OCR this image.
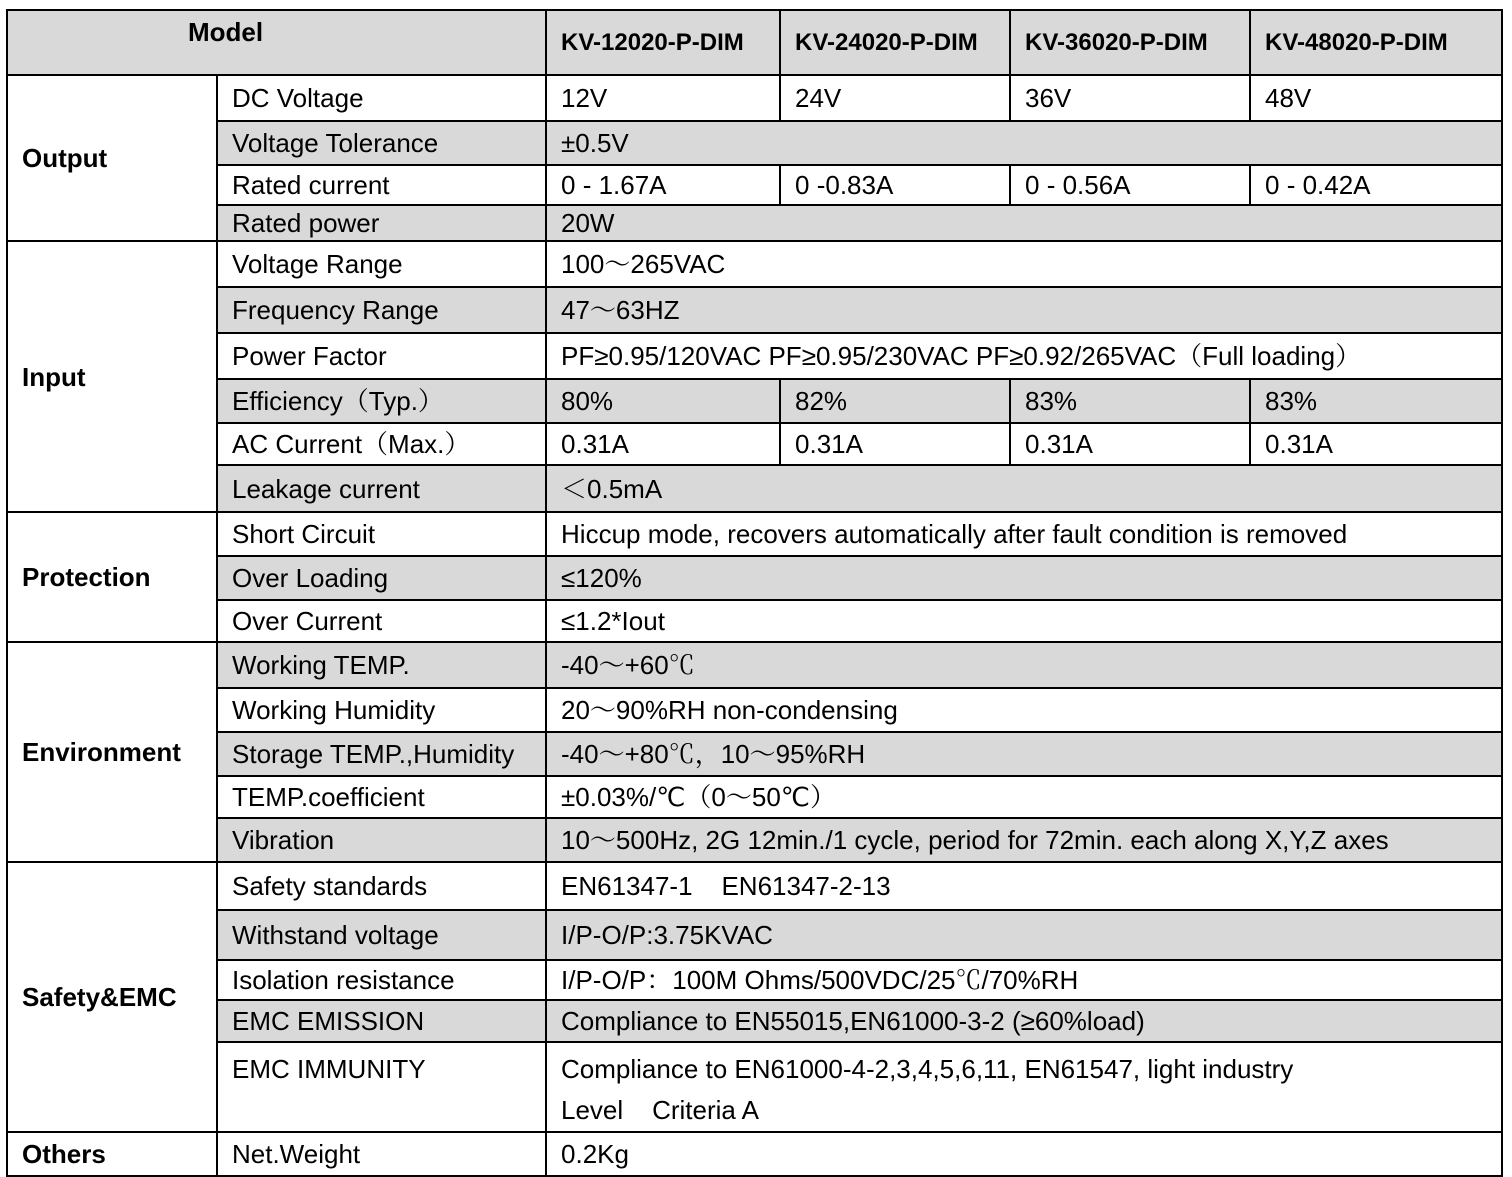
Model		KV-12020-P-DIM	KV-24020-P-DIM	KV-36020-P-DIM	KV-48020-P-DIM
Output	DC Voltage	12V	24V	36V	48V
	Voltage Tolerance	±0.5V			
	Rated current	0 - 1.67A	0 -0.83A	0 - 0.56A	0 - 0.42A
	Rated power	20W			
Input	Voltage Range	100～265VAC			
	Frequency Range	47～63HZ			
	Power Factor	PF≥0.95/120VAC PF≥0.95/230VAC PF≥0.92/265VAC（Full loading）			
	Efficiency（Typ.）	80%	82%	83%	83%
	AC Current（Max.）	0.31A	0.31A	0.31A	0.31A
	Leakage current	＜0.5mA			
Protection	Short Circuit	Hiccup mode, recovers automatically after fault condition is removed			
	Over Loading	≤120%			
	Over Current	≤1.2*Iout			
Environment	Working TEMP.	-40～+60℃			
	Working Humidity	20～90%RH non-condensing			
	Storage TEMP.,Humidity	-40～+80℃，10～95%RH			
	TEMP.coefficient	±0.03%/℃（0～50℃）			
	Vibration	10～500Hz, 2G 12min./1 cycle, period for 72min. each along X,Y,Z axes			
Safety&EMC	Safety standards	EN61347-1    EN61347-2-13			
	Withstand voltage	I/P-O/P:3.75KVAC			
	Isolation resistance	I/P-O/P：100M Ohms/500VDC/25℃/70%RH			
	EMC EMISSION	Compliance to EN55015,EN61000-3-2 (≥60%load)			
	EMC IMMUNITY	Compliance to EN61000-4-2,3,4,5,6,11, EN61547, light industry
Level    Criteria A			

Others	Net.Weight	0.2Kg			
